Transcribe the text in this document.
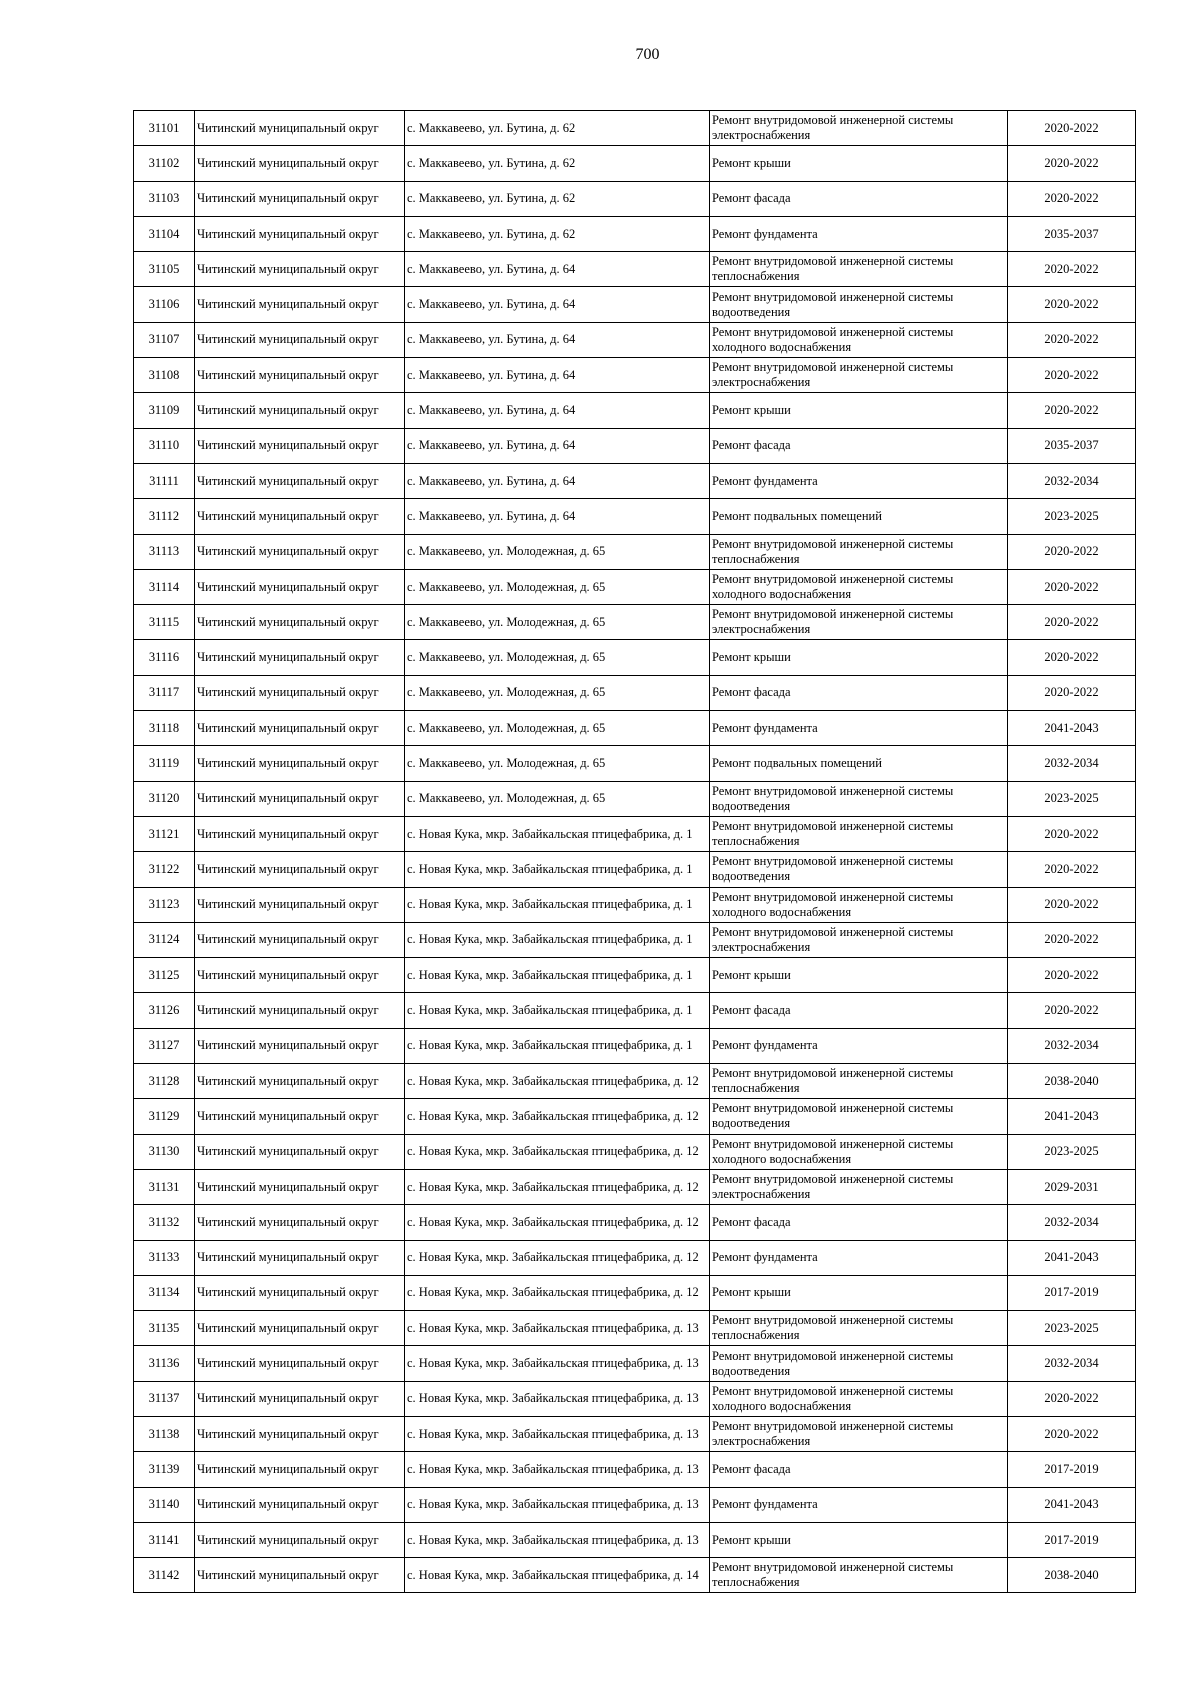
700
31101	Читинский муниципальный округ	с. Маккавеево, ул. Бутина, д. 62	Ремонт внутридомовой инженерной системы электроснабжения	2020-2022
31102	Читинский муниципальный округ	с. Маккавеево, ул. Бутина, д. 62	Ремонт крыши	2020-2022
31103	Читинский муниципальный округ	с. Маккавеево, ул. Бутина, д. 62	Ремонт фасада	2020-2022
31104	Читинский муниципальный округ	с. Маккавеево, ул. Бутина, д. 62	Ремонт фундамента	2035-2037
31105	Читинский муниципальный округ	с. Маккавеево, ул. Бутина, д. 64	Ремонт внутридомовой инженерной системы теплоснабжения	2020-2022
31106	Читинский муниципальный округ	с. Маккавеево, ул. Бутина, д. 64	Ремонт внутридомовой инженерной системы водоотведения	2020-2022
31107	Читинский муниципальный округ	с. Маккавеево, ул. Бутина, д. 64	Ремонт внутридомовой инженерной системы холодного водоснабжения	2020-2022
31108	Читинский муниципальный округ	с. Маккавеево, ул. Бутина, д. 64	Ремонт внутридомовой инженерной системы электроснабжения	2020-2022
31109	Читинский муниципальный округ	с. Маккавеево, ул. Бутина, д. 64	Ремонт крыши	2020-2022
31110	Читинский муниципальный округ	с. Маккавеево, ул. Бутина, д. 64	Ремонт фасада	2035-2037
31111	Читинский муниципальный округ	с. Маккавеево, ул. Бутина, д. 64	Ремонт фундамента	2032-2034
31112	Читинский муниципальный округ	с. Маккавеево, ул. Бутина, д. 64	Ремонт подвальных помещений	2023-2025
31113	Читинский муниципальный округ	с. Маккавеево, ул. Молодежная, д. 65	Ремонт внутридомовой инженерной системы теплоснабжения	2020-2022
31114	Читинский муниципальный округ	с. Маккавеево, ул. Молодежная, д. 65	Ремонт внутридомовой инженерной системы холодного водоснабжения	2020-2022
31115	Читинский муниципальный округ	с. Маккавеево, ул. Молодежная, д. 65	Ремонт внутридомовой инженерной системы электроснабжения	2020-2022
31116	Читинский муниципальный округ	с. Маккавеево, ул. Молодежная, д. 65	Ремонт крыши	2020-2022
31117	Читинский муниципальный округ	с. Маккавеево, ул. Молодежная, д. 65	Ремонт фасада	2020-2022
31118	Читинский муниципальный округ	с. Маккавеево, ул. Молодежная, д. 65	Ремонт фундамента	2041-2043
31119	Читинский муниципальный округ	с. Маккавеево, ул. Молодежная, д. 65	Ремонт подвальных помещений	2032-2034
31120	Читинский муниципальный округ	с. Маккавеево, ул. Молодежная, д. 65	Ремонт внутридомовой инженерной системы водоотведения	2023-2025
31121	Читинский муниципальный округ	с. Новая Кука, мкр. Забайкальская птицефабрика, д. 1	Ремонт внутридомовой инженерной системы теплоснабжения	2020-2022
31122	Читинский муниципальный округ	с. Новая Кука, мкр. Забайкальская птицефабрика, д. 1	Ремонт внутридомовой инженерной системы водоотведения	2020-2022
31123	Читинский муниципальный округ	с. Новая Кука, мкр. Забайкальская птицефабрика, д. 1	Ремонт внутридомовой инженерной системы холодного водоснабжения	2020-2022
31124	Читинский муниципальный округ	с. Новая Кука, мкр. Забайкальская птицефабрика, д. 1	Ремонт внутридомовой инженерной системы электроснабжения	2020-2022
31125	Читинский муниципальный округ	с. Новая Кука, мкр. Забайкальская птицефабрика, д. 1	Ремонт крыши	2020-2022
31126	Читинский муниципальный округ	с. Новая Кука, мкр. Забайкальская птицефабрика, д. 1	Ремонт фасада	2020-2022
31127	Читинский муниципальный округ	с. Новая Кука, мкр. Забайкальская птицефабрика, д. 1	Ремонт фундамента	2032-2034
31128	Читинский муниципальный округ	с. Новая Кука, мкр. Забайкальская птицефабрика, д. 12	Ремонт внутридомовой инженерной системы теплоснабжения	2038-2040
31129	Читинский муниципальный округ	с. Новая Кука, мкр. Забайкальская птицефабрика, д. 12	Ремонт внутридомовой инженерной системы водоотведения	2041-2043
31130	Читинский муниципальный округ	с. Новая Кука, мкр. Забайкальская птицефабрика, д. 12	Ремонт внутридомовой инженерной системы холодного водоснабжения	2023-2025
31131	Читинский муниципальный округ	с. Новая Кука, мкр. Забайкальская птицефабрика, д. 12	Ремонт внутридомовой инженерной системы электроснабжения	2029-2031
31132	Читинский муниципальный округ	с. Новая Кука, мкр. Забайкальская птицефабрика, д. 12	Ремонт фасада	2032-2034
31133	Читинский муниципальный округ	с. Новая Кука, мкр. Забайкальская птицефабрика, д. 12	Ремонт фундамента	2041-2043
31134	Читинский муниципальный округ	с. Новая Кука, мкр. Забайкальская птицефабрика, д. 12	Ремонт крыши	2017-2019
31135	Читинский муниципальный округ	с. Новая Кука, мкр. Забайкальская птицефабрика, д. 13	Ремонт внутридомовой инженерной системы теплоснабжения	2023-2025
31136	Читинский муниципальный округ	с. Новая Кука, мкр. Забайкальская птицефабрика, д. 13	Ремонт внутридомовой инженерной системы водоотведения	2032-2034
31137	Читинский муниципальный округ	с. Новая Кука, мкр. Забайкальская птицефабрика, д. 13	Ремонт внутридомовой инженерной системы холодного водоснабжения	2020-2022
31138	Читинский муниципальный округ	с. Новая Кука, мкр. Забайкальская птицефабрика, д. 13	Ремонт внутридомовой инженерной системы электроснабжения	2020-2022
31139	Читинский муниципальный округ	с. Новая Кука, мкр. Забайкальская птицефабрика, д. 13	Ремонт фасада	2017-2019
31140	Читинский муниципальный округ	с. Новая Кука, мкр. Забайкальская птицефабрика, д. 13	Ремонт фундамента	2041-2043
31141	Читинский муниципальный округ	с. Новая Кука, мкр. Забайкальская птицефабрика, д. 13	Ремонт крыши	2017-2019
31142	Читинский муниципальный округ	с. Новая Кука, мкр. Забайкальская птицефабрика, д. 14	Ремонт внутридомовой инженерной системы теплоснабжения	2038-2040
